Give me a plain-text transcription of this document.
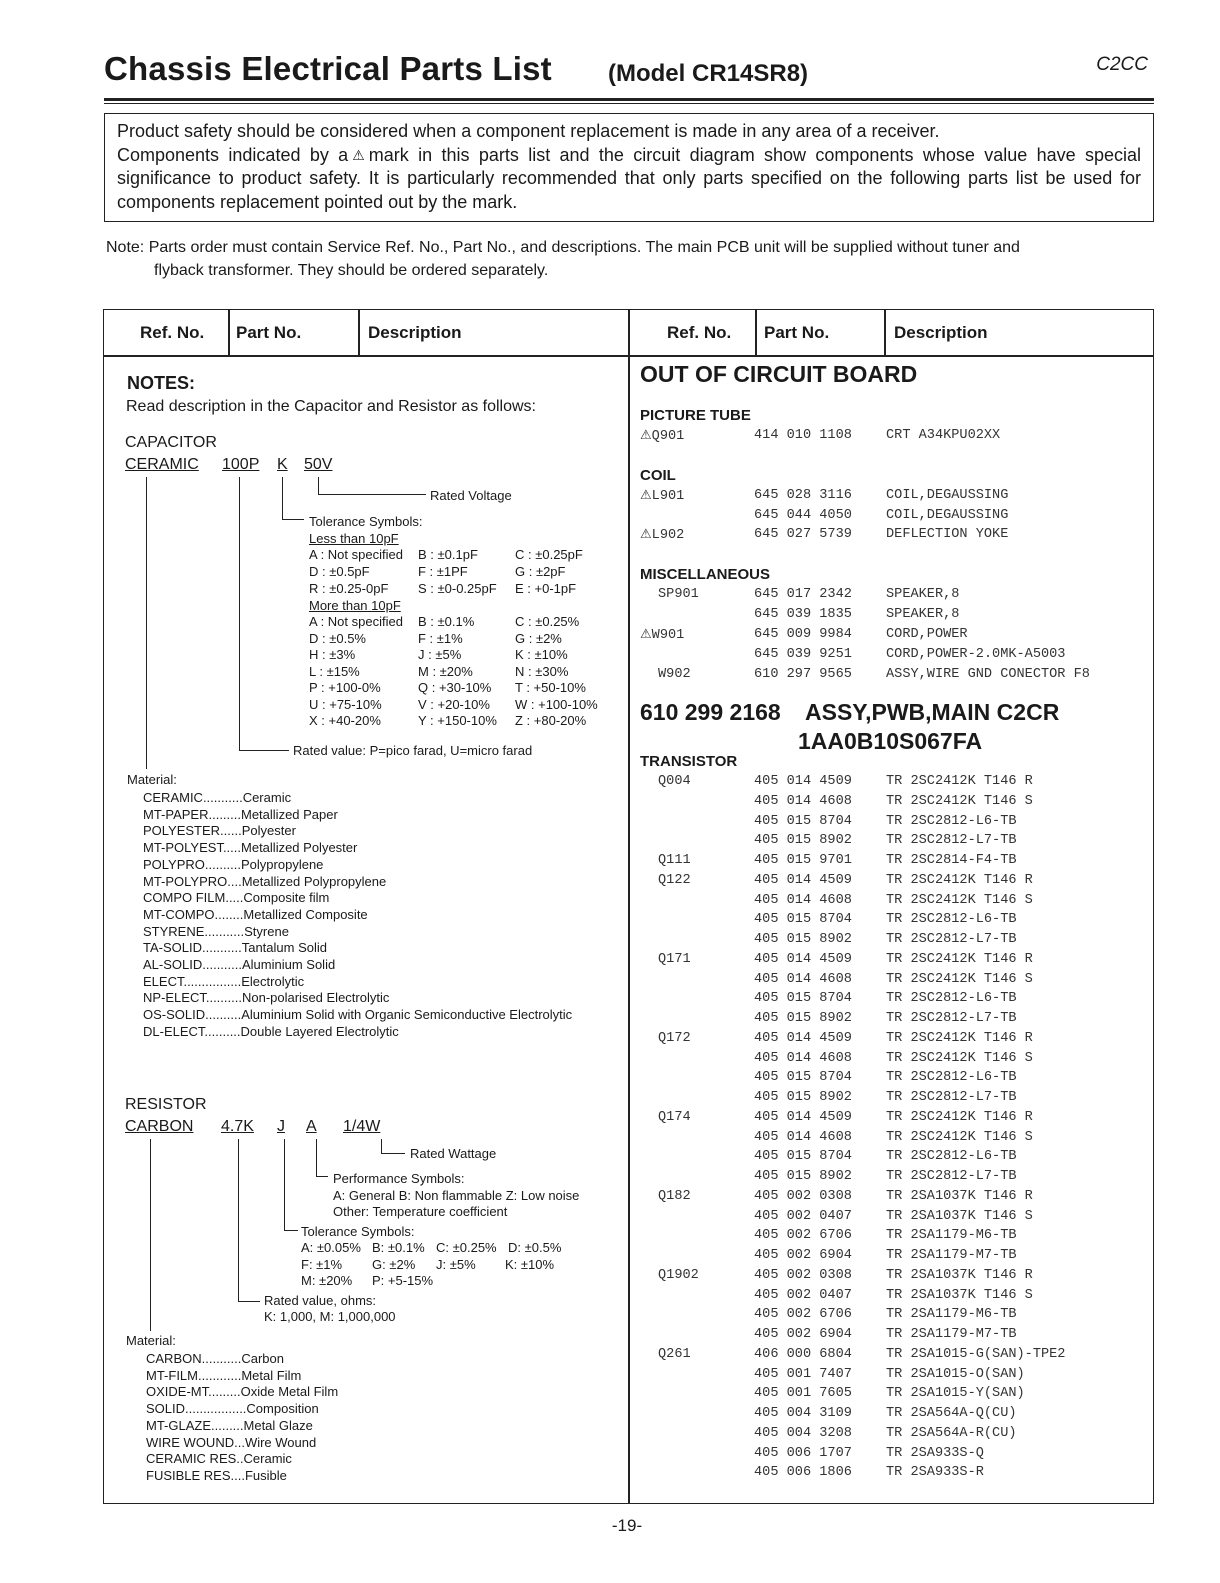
Chassis Electrical Parts List (Model CR14SR8)	C2CC

Product safety should be considered when a component replacement is made in any area of a receiver.

Components indicated by a ⚠ mark in this parts list and the circuit diagram show components whose value have special significance to product safety. It is particularly recommended that only parts specified on the following parts list be used for components replacement pointed out by the mark.

Note: Parts order must contain Service Ref. No., Part No., and descriptions. The main PCB unit will be supplied without tuner and
flyback transformer. They should be ordered separately.
Ref. No. Part No.	Description	Ref. No. Part No.	Description
NOTES:
Read description in the Capacitor and Resistor as follows:
CAPACITOR
CERAMIC 100P K 50V
Rated Voltage
Tolerance Symbols:
Less than 10pF
A : Not specified B : ±0.1pF	C : ±0.25pF
D : ±0.5pF	F : ±1PF	G : ±2pF
R : ±0.25-0pF S : ±0-0.25pF E : +0-1pF
More than 10pF
A : Not specified B : ±0.1%	C : ±0.25%
D : ±0.5%	F : ±1%	G : ±2%
H : ±3%	J : ±5%	K : ±10%
L : ±15%	M : ±20%	N : ±30%
P : +100-0%	Q : +30-10% T : +50-10%
U : +75-10%	V : +20-10% W : +100-10%
X : +40-20%	Y : +150-10% Z : +80-20%
Rated value: P=pico farad, U=micro farad
Material:
CERAMIC...........Ceramic
MT-PAPER.........Metallized Paper
POLYESTER......Polyester
MT-POLYEST.....Metallized Polyester
POLYPRO..........Polypropylene
MT-POLYPRO....Metallized Polypropylene
COMPO FILM.....Composite film
MT-COMPO........Metallized Composite
STYRENE...........Styrene
TA-SOLID...........Tantalum Solid
AL-SOLID...........Aluminium Solid
ELECT................Electrolytic
NP-ELECT..........Non-polarised Electrolytic
OS-SOLID..........Aluminium Solid with Organic Semiconductive Electrolytic
DL-ELECT..........Double Layered Electrolytic
RESISTOR
CARBON 4.7K J A 1/4W
Rated Wattage
Performance Symbols:
A: General B: Non flammable Z: Low noise
Other: Temperature coefficient
Tolerance Symbols:
A: ±0.05% B: ±0.1% C: ±0.25% D: ±0.5%
F: ±1% G: ±2% J: ±5% K: ±10%
M: ±20% P: +5-15%
Rated value, ohms:
K: 1,000, M: 1,000,000
Material:
CARBON...........Carbon
MT-FILM............Metal Film
OXIDE-MT.........Oxide Metal Film
SOLID.................Composition
MT-GLAZE.........Metal Glaze
WIRE WOUND...Wire Wound
CERAMIC RES..Ceramic
FUSIBLE RES....Fusible
OUT OF CIRCUIT BOARD
PICTURE TUBE
⚠Q901	414 010 1108	CRT A34KPU02XX
COIL
⚠L901	645 028 3116	COIL,DEGAUSSING
645 044 4050	COIL,DEGAUSSING
⚠L902	645 027 5739	DEFLECTION YOKE
MISCELLANEOUS
SP901	645 017 2342	SPEAKER,8
645 039 1835	SPEAKER,8
⚠W901	645 009 9984	CORD,POWER
645 039 9251	CORD,POWER-2.0MK-A5003
W902	610 297 9565	ASSY,WIRE GND CONECTOR F8
610 299 2168 ASSY,PWB,MAIN C2CR
1AA0B10S067FA
TRANSISTOR
Q004	405 014 4509	TR 2SC2412K T146 R
405 014 4608	TR 2SC2412K T146 S
405 015 8704	TR 2SC2812-L6-TB
405 015 8902	TR 2SC2812-L7-TB
Q111	405 015 9701	TR 2SC2814-F4-TB
Q122	405 014 4509	TR 2SC2412K T146 R
405 014 4608	TR 2SC2412K T146 S
405 015 8704	TR 2SC2812-L6-TB
405 015 8902	TR 2SC2812-L7-TB
Q171	405 014 4509	TR 2SC2412K T146 R
405 014 4608	TR 2SC2412K T146 S
405 015 8704	TR 2SC2812-L6-TB
405 015 8902	TR 2SC2812-L7-TB
Q172	405 014 4509	TR 2SC2412K T146 R
405 014 4608	TR 2SC2412K T146 S
405 015 8704	TR 2SC2812-L6-TB
405 015 8902	TR 2SC2812-L7-TB
Q174	405 014 4509	TR 2SC2412K T146 R
405 014 4608	TR 2SC2412K T146 S
405 015 8704	TR 2SC2812-L6-TB
405 015 8902	TR 2SC2812-L7-TB
Q182	405 002 0308	TR 2SA1037K T146 R
405 002 0407	TR 2SA1037K T146 S
405 002 6706	TR 2SA1179-M6-TB
405 002 6904	TR 2SA1179-M7-TB
Q1902	405 002 0308	TR 2SA1037K T146 R
405 002 0407	TR 2SA1037K T146 S
405 002 6706	TR 2SA1179-M6-TB
405 002 6904	TR 2SA1179-M7-TB
Q261	406 000 6804	TR 2SA1015-G(SAN)-TPE2
405 001 7407	TR 2SA1015-O(SAN)
405 001 7605	TR 2SA1015-Y(SAN)
405 004 3109	TR 2SA564A-Q(CU)
405 004 3208	TR 2SA564A-R(CU)
405 006 1707	TR 2SA933S-Q
405 006 1806	TR 2SA933S-R
-19-
